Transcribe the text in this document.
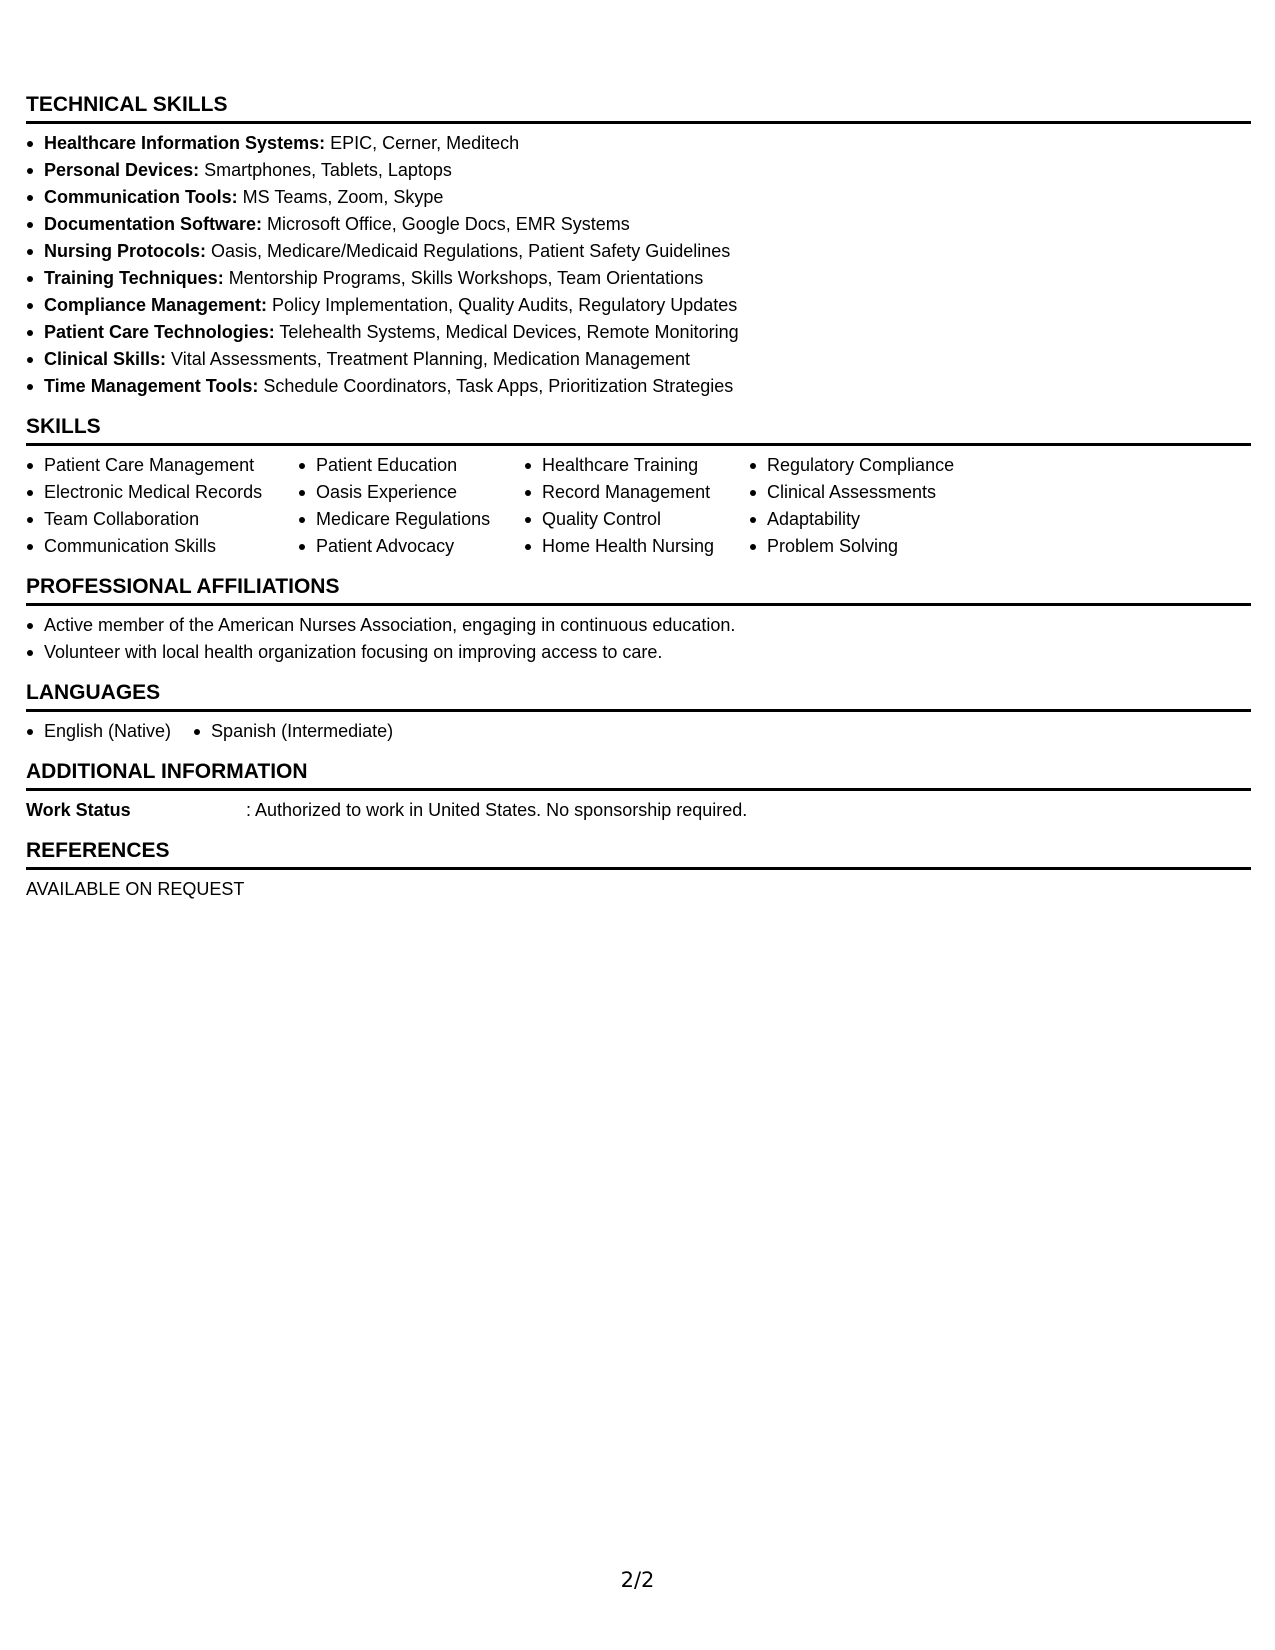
TECHNICAL SKILLS
Healthcare Information Systems: EPIC, Cerner, Meditech
Personal Devices: Smartphones, Tablets, Laptops
Communication Tools: MS Teams, Zoom, Skype
Documentation Software: Microsoft Office, Google Docs, EMR Systems
Nursing Protocols: Oasis, Medicare/Medicaid Regulations, Patient Safety Guidelines
Training Techniques: Mentorship Programs, Skills Workshops, Team Orientations
Compliance Management: Policy Implementation, Quality Audits, Regulatory Updates
Patient Care Technologies: Telehealth Systems, Medical Devices, Remote Monitoring
Clinical Skills: Vital Assessments, Treatment Planning, Medication Management
Time Management Tools: Schedule Coordinators, Task Apps, Prioritization Strategies
SKILLS
Patient Care Management
Electronic Medical Records
Team Collaboration
Communication Skills
Patient Education
Oasis Experience
Medicare Regulations
Patient Advocacy
Healthcare Training
Record Management
Quality Control
Home Health Nursing
Regulatory Compliance
Clinical Assessments
Adaptability
Problem Solving
PROFESSIONAL AFFILIATIONS
Active member of the American Nurses Association, engaging in continuous education.
Volunteer with local health organization focusing on improving access to care.
LANGUAGES
English (Native)	Spanish (Intermediate)
ADDITIONAL INFORMATION
Work Status	: Authorized to work in United States. No sponsorship required.
REFERENCES
AVAILABLE ON REQUEST
2/2
